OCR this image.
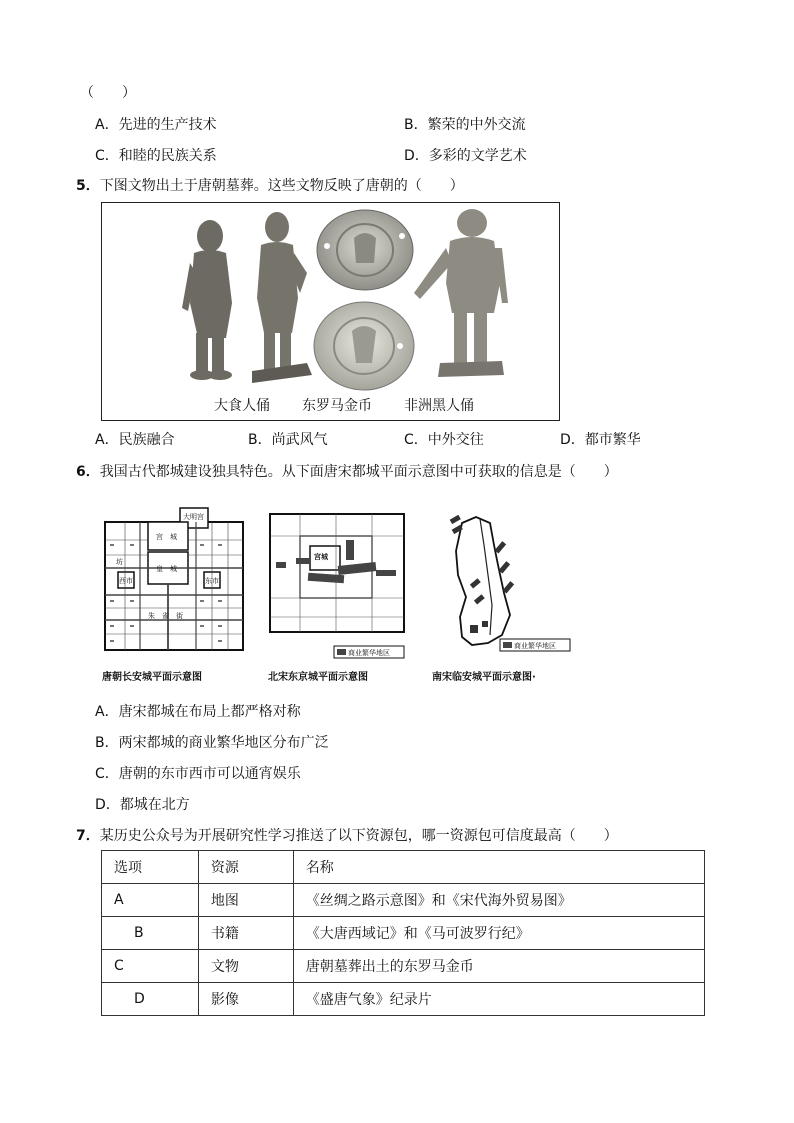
（　　）
A．先进的生产技术	B．繁荣的中外交流
C．和睦的民族关系	D．多彩的文学艺术
5．下图文物出土于唐朝墓葬。这些文物反映了唐朝的（　　）
大食人俑 东罗马金币 非洲黑人俑
A．民族融合	B．尚武风气	C．中外交往	D．都市繁华
6．我国古代都城建设独具特色。从下面唐宋都城平面示意图中可获取的信息是（　　）
大明宫
宫　城
皇　城
西市	东市
坊
朱　雀　街
唐朝长安城平面示意图
宫城
商业繁华地区
北宋东京城平面示意图
商业繁华地区
南宋临安城平面示意图·
A．唐宋都城在布局上都严格对称
B．两宋都城的商业繁华地区分布广泛
C．唐朝的东市西市可以通宵娱乐
D．都城在北方
7．某历史公众号为开展研究性学习推送了以下资源包，哪一资源包可信度最高（　　）
选项	资源	名称
A	地图	《丝绸之路示意图》和《宋代海外贸易图》
B	书籍	《大唐西域记》和《马可波罗行纪》
C	文物	唐朝墓葬出土的东罗马金币
D	影像	《盛唐气象》纪录片
